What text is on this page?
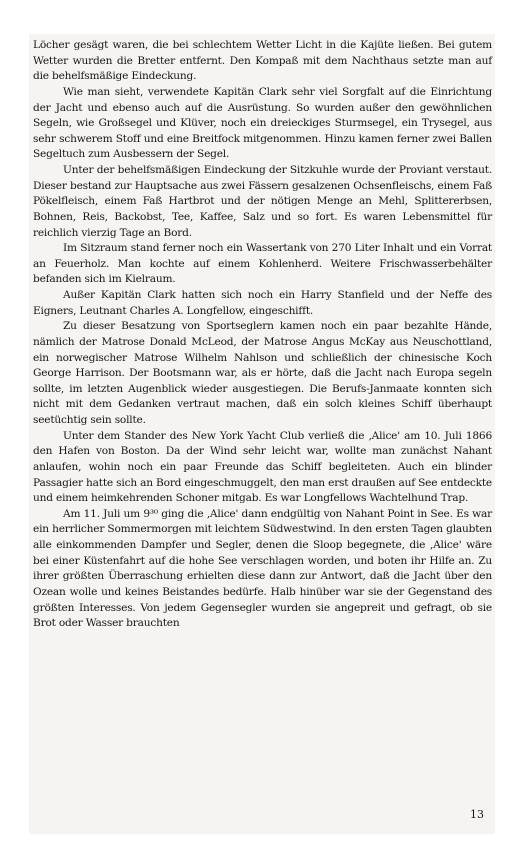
Löcher gesägt waren, die bei schlechtem Wetter Licht in die Kajüte ließen. Bei gutem Wetter wurden die Bretter entfernt. Den Kompaß mit dem Nachthaus setzte man auf die behelfsmäßige Eindeckung.

Wie man sieht, verwendete Kapitän Clark sehr viel Sorgfalt auf die Einrichtung der Jacht und ebenso auch auf die Ausrüstung. So wurden außer den gewöhnlichen Segeln, wie Großsegel und Klüver, noch ein dreieckiges Sturmsegel, ein Trysegel, aus sehr schwerem Stoff und eine Breitfock mitgenommen. Hinzu kamen ferner zwei Ballen Segeltuch zum Ausbessern der Segel.

Unter der behelfsmäßigen Eindeckung der Sitzkuhle wurde der Proviant verstaut. Dieser bestand zur Hauptsache aus zwei Fässern gesalzenen Ochsenfleischs, einem Faß Pökelfleisch, einem Faß Hartbrot und der nötigen Menge an Mehl, Splittererbsen, Bohnen, Reis, Backobst, Tee, Kaffee, Salz und so fort. Es waren Lebensmittel für reichlich vierzig Tage an Bord.

Im Sitzraum stand ferner noch ein Wassertank von 270 Liter Inhalt und ein Vorrat an Feuerholz. Man kochte auf einem Kohlenherd. Weitere Frischwasserbehälter befanden sich im Kielraum.

Außer Kapitän Clark hatten sich noch ein Harry Stanfield und der Neffe des Eigners, Leutnant Charles A. Longfellow, eingeschifft.

Zu dieser Besatzung von Sportseglern kamen noch ein paar bezahlte Hände, nämlich der Matrose Donald McLeod, der Matrose Angus McKay aus Neuschottland, ein norwegischer Matrose Wilhelm Nahlson und schließlich der chinesische Koch George Harrison. Der Bootsmann war, als er hörte, daß die Jacht nach Europa segeln sollte, im letzten Augenblick wieder ausgestiegen. Die Berufs-Janmaate konnten sich nicht mit dem Gedanken vertraut machen, daß ein solch kleines Schiff überhaupt seetüchtig sein sollte.

Unter dem Stander des New York Yacht Club verließ die ‚Alice' am 10. Juli 1866 den Hafen von Boston. Da der Wind sehr leicht war, wollte man zunächst Nahant anlaufen, wohin noch ein paar Freunde das Schiff begleiteten. Auch ein blinder Passagier hatte sich an Bord eingeschmuggelt, den man erst draußen auf See entdeckte und einem heimkehrenden Schoner mitgab. Es war Longfellows Wachtelhund Trap.

Am 11. Juli um 9³⁰ ging die ‚Alice' dann endgültig von Nahant Point in See. Es war ein herrlicher Sommermorgen mit leichtem Südwestwind. In den ersten Tagen glaubten alle einkommenden Dampfer und Segler, denen die Sloop begegnete, die ‚Alice' wäre bei einer Küstenfahrt auf die hohe See verschlagen worden, und boten ihr Hilfe an. Zu ihrer größten Überraschung erhielten diese dann zur Antwort, daß die Jacht über den Ozean wolle und keines Beistandes bedürfe. Halb hinüber war sie der Gegenstand des größten Interesses. Von jedem Gegensegler wurden sie angepreit und gefragt, ob sie Brot oder Wasser brauchten

13
